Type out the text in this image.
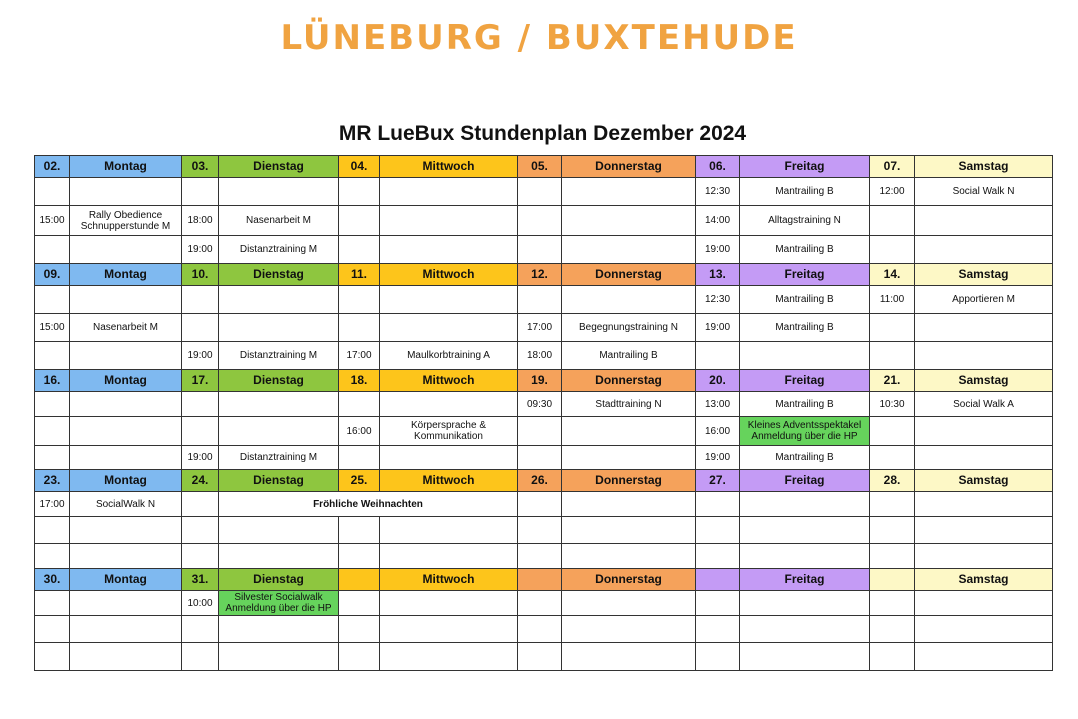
LÜNEBURG / BUXTEHUDE
MR LueBux Stundenplan Dezember 2024
02.	Montag	03.	Dienstag	04.	Mittwoch	05.	Donnerstag	06.	Freitag	07.	Samstag
								12:30	Mantrailing B	12:00	Social Walk N
15:00	Rally Obedience Schnupperstunde M	18:00	Nasenarbeit M					14:00	Alltagstraining N		
		19:00	Distanztraining M					19:00	Mantrailing B		
09.	Montag	10.	Dienstag	11.	Mittwoch	12.	Donnerstag	13.	Freitag	14.	Samstag
								12:30	Mantrailing B	11:00	Apportieren M
15:00	Nasenarbeit M					17:00	Begegnungstraining N	19:00	Mantrailing B		
		19:00	Distanztraining M	17:00	Maulkorbtraining A	18:00	Mantrailing B				
16.	Montag	17.	Dienstag	18.	Mittwoch	19.	Donnerstag	20.	Freitag	21.	Samstag
						09:30	Stadttraining N	13:00	Mantrailing B	10:30	Social Walk A
				16:00	Körpersprache & Kommunikation			16:00	Kleines Adventsspektakel Anmeldung über die HP		
		19:00	Distanztraining M					19:00	Mantrailing B		
23.	Montag	24.	Dienstag	25.	Mittwoch	26.	Donnerstag	27.	Freitag	28.	Samstag
17:00	SocialWalk N		Fröhliche Weihnachten								

30.	Montag	31.	Dienstag		Mittwoch		Donnerstag		Freitag		Samstag
		10:00	Silvester Socialwalk Anmeldung über die HP								
